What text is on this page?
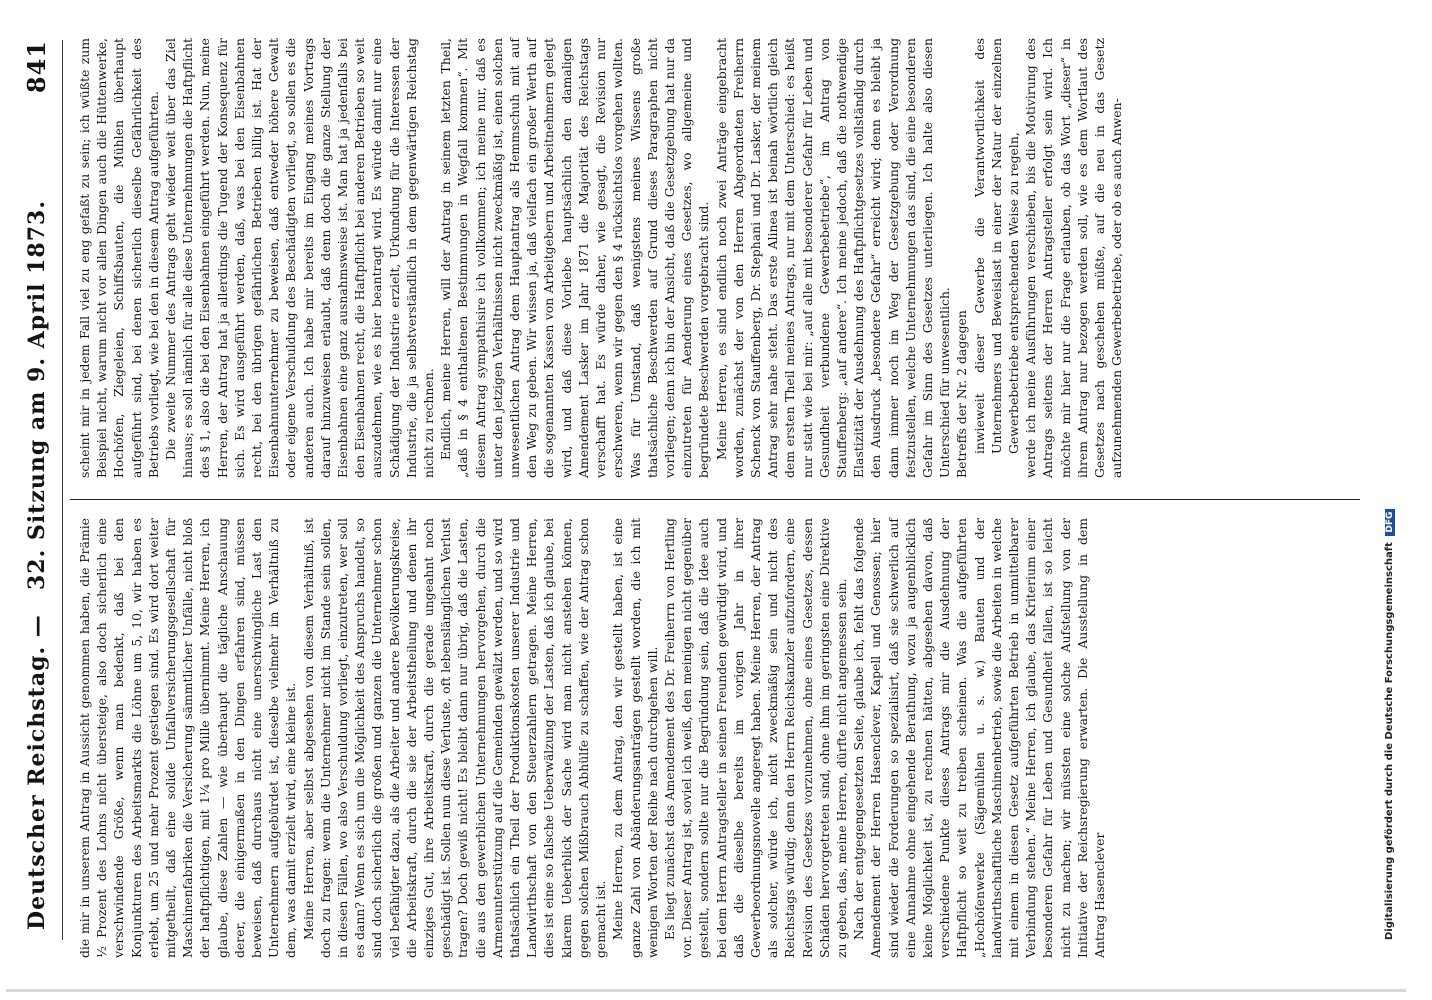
Deutscher Reichstag. —
32. Sitzung am 9. April 1873.
841

die mir in unserem Antrag in Aussicht genommen haben, die Prämie ½ Prozent des Lohns nicht übersteige, also doch sicherlich eine verschwindende Größe, wenn man bedenkt, daß bei den Konjunkturen des Arbeitsmarkts die Löhne um 5, 10, wir haben es erlebt, um 25 und mehr Prozent gestiegen sind. Es wird dort weiter mitgetheilt, daß eine solide Unfallversicherungsgesellschaft für Maschinenfabriken die Versicherung sämmtlicher Unfälle, nicht bloß der haftpflichtigen, mit 1¼ pro Mille übernimmt. Meine Herren, ich glaube, diese Zahlen — wie überhaupt die tägliche Anschauung derer, die einigermaßen in den Dingen erfahren sind, müssen beweisen, daß durchaus nicht eine unerschwingliche Last den Unternehmern aufgebürdet ist, dieselbe vielmehr im Verhältniß zu dem, was damit erzielt wird, eine kleine ist. Meine Herren, aber selbst abgesehen von diesem Verhältniß, ist doch zu fragen: wenn die Unternehmer nicht im Stande sein sollen, in diesen Fällen, wo also Verschuldung vorliegt, einzutreten, wer soll es dann? Wenn es sich um die Möglichkeit des Anspruchs handelt, so sind doch sicherlich die großen und ganzen die Unternehmer schon viel befähigter dazu, als die Arbeiter und andere Bevölkerungskreise, die Arbeitskraft, durch die sie der Arbeitstheilung und denen ihr einziges Gut, ihre Arbeitskraft, durch die gerade ungeahnt noch geschädigt ist. Sollen nun diese Verluste, oft lebenslänglichen Verlust tragen? Doch gewiß nicht! Es bleibt dann nur übrig, daß die Lasten, die aus den gewerblichen Unternehmungen hervorgehen, durch die Armenunterstützung auf die Gemeinden gewälzt werden, und so wird thatsächlich ein Theil der Produktionskosten unserer Industrie und Landwirthschaft von den Steuerzahlern getragen. Meine Herren, dies ist eine so falsche Ueberwälzung der Lasten, daß ich glaube, bei klarem Ueberblick der Sache wird man nicht anstehen können, gegen solchen Mißbrauch Abhülfe zu schaffen, wie der Antrag schon gemacht ist. Meine Herren, zu dem Antrag, den wir gestellt haben, ist eine ganze Zahl von Abänderungsanträgen gestellt worden, die ich mit wenigen Worten der Reihe nach durchgehen will. Es liegt zunächst das Amendement des Dr. Freiherrn von Hertling vor. Dieser Antrag ist, soviel ich weiß, den meinigen nicht gegenüber gestellt, sondern sollte nur die Begründung sein, daß die Idee auch bei dem Herrn Antragsteller in seinen Freunden gewürdigt wird, und daß die dieselbe bereits im vorigen Jahr in ihrer Gewerbeordnungsnovelle angeregt haben. Meine Herren, der Antrag als solcher, würde ich, nicht zweckmäßig sein und nicht des Reichstags würdig; denn den Herrn Reichskanzler aufzufordern, eine Revision des Gesetzes vorzunehmen, ohne eines Gesetzes, dessen Schäden hervorgetreten sind, ohne ihm im geringsten eine Direktive zu geben, das, meine Herren, dürfte nicht angemessen sein. Nach der entgegengesetzten Seite, glaube ich, fehlt das folgende Amendement der Herren Hasenclever, Kapell und Genossen; hier sind wieder die Forderungen so spezialisirt, daß sie schwerlich auf eine Annahme ohne eingehende Berathung, wozu ja augenblicklich keine Möglichkeit ist, zu rechnen hätten, abgesehen davon, daß verschiedene Punkte dieses Antrags mir die Ausdehnung der Haftpflicht so weit zu treiben scheinen. Was die aufgeführten „Hochöfenwerke (Sägemühlen u. s. w.) Bauten und der landwirthschaftliche Maschinenbetrieb, sowie die Arbeiten in welche mit einem in diesen Gesetz aufgeführten Betrieb in unmittelbarer Verbindung stehen.“ Meine Herren, ich glaube, das Kriterium einer besonderen Gefahr für Leben und Gesundheit fallen, ist so leicht nicht zu machen; wir müssten eine solche Aufstellung von der Initiative der Reichsregierung erwarten. Die Ausstellung in dem Antrag Hasenclever

scheint mir in jedem Fall viel zu eng gefaßt zu sein; ich wüßte zum Beispiel nicht, warum nicht vor allen Dingen auch die Hüttenwerke, Hochöfen, Ziegeleien, Schiffsbauten, die Mühlen überhaupt aufgeführt sind, bei denen sicherlich dieselbe Gefährlichkeit des Betriebs vorliegt, wie bei den in diesem Antrag aufgeführten. Die zweite Nummer des Antrags geht wieder weit über das Ziel hinaus; es soll nämlich für alle diese Unternehmungen die Haftpflicht des § 1, also die bei den Eisenbahnen eingeführt werden. Nun, meine Herren, der Antrag hat ja allerdings die Tugend der Konsequenz für sich. Es wird ausgeführt werden, daß, was bei den Eisenbahnen recht, bei den übrigen gefährlichen Betrieben billig ist. Hat der Eisenbahnunternehmer zu beweisen, daß entweder höhere Gewalt oder eigene Verschuldung des Beschädigten vorliegt, so sollen es die anderen auch. Ich habe mir bereits im Eingang meines Vortrags darauf hinzuweisen erlaubt, daß denn doch die ganze Stellung der Eisenbahnen eine ganz ausnahmsweise ist. Man hat ja jedenfalls bei den Eisenbahnen recht, die Haftpflicht bei anderen Betrieben so weit auszudehnen, wie es hier beantragt wird. Es würde damit nur eine Schädigung der Industrie erzielt, Urkundung für die Interessen der Industrie, die ja selbstverständlich in dem gegenwärtigen Reichstag nicht zu rechnen. Endlich, meine Herren, will der Antrag in seinem letzten Theil, „daß in § 4 enthaltenen Bestimmungen in Wegfall kommen“. Mit diesem Antrag sympathisire ich vollkommen; ich meine nur, daß es unter den jetzigen Verhältnissen nicht zweckmäßig ist, einen solchen unwesentlichen Antrag dem Hauptantrag als Hemmschuh mit auf den Weg zu geben. Wir wissen ja, daß vielfach ein großer Werth auf die sogenannten Kassen von Arbeitgebern und Arbeitnehmern gelegt wird, und daß diese Vorliebe hauptsächlich den damaligen Amendement Lasker im Jahr 1871 die Majorität des Reichstags verschafft hat. Es würde daher, wie gesagt, die Revision nur erschweren, wenn wir gegen den § 4 rücksichtslos vorgehen wollten. Was für Umstand, daß wenigstens meines Wissens große thatsächliche Beschwerden auf Grund dieses Paragraphen nicht vorliegen; denn ich bin der Ansicht, daß die Gesetzgebung hat nur da einzutreten für Aenderung eines Gesetzes, wo allgemeine und begründete Beschwerden vorgebracht sind. Meine Herren, es sind endlich noch zwei Anträge eingebracht worden, zunächst der von den Herren Abgeordneten Freiherrn Schenck von Stauffenberg, Dr. Stephani und Dr. Lasker, der meinem Antrag sehr nahe steht. Das erste Alinea ist beinah wörtlich gleich dem ersten Theil meines Antrags, nur mit dem Unterschied: es heißt nur statt wie bei mir: „auf alle mit besonderer Gefahr für Leben und Gesundheit verbundene Gewerbebetriebe“, im Antrag von Stauffenberg: „auf andere“. Ich meine jedoch, daß die nothwendige Elastizität der Ausdehnung des Haftpflichtgesetzes vollständig durch den Ausdruck „besondere Gefahr“ erreicht wird; denn es bleibt ja dann immer noch im Weg der Gesetzgebung oder Verordnung festzustellen, welche Unternehmungen das sind, die eine besonderen Gefahr im Sinn des Gesetzes unterliegen. Ich halte also diesen Unterschied für unwesentlich. Betreffs der Nr. 2 dagegen inwieweit dieser Gewerbe die Verantwortlichkeit des Unternehmers und Beweislast in einer der Natur der einzelnen Gewerbebetriebe entsprechenden Weise zu regeln, werde ich meine Ausführungen verschieben, bis die Motivirung des Antrags seitens der Herren Antragsteller erfolgt sein wird. Ich möchte mir hier nur die Frage erlauben, ob das Wort „dieser“ in ihrem Antrag nur bezogen werden soll, wie es dem Wortlaut des Gesetzes nach geschehen müßte, auf die neu in das Gesetz aufzunehmenden Gewerbebetriebe, oder ob es auch Anwen-

Digitalisierung gefördert durch die Deutsche Forschungsgemeinschaft DFG
